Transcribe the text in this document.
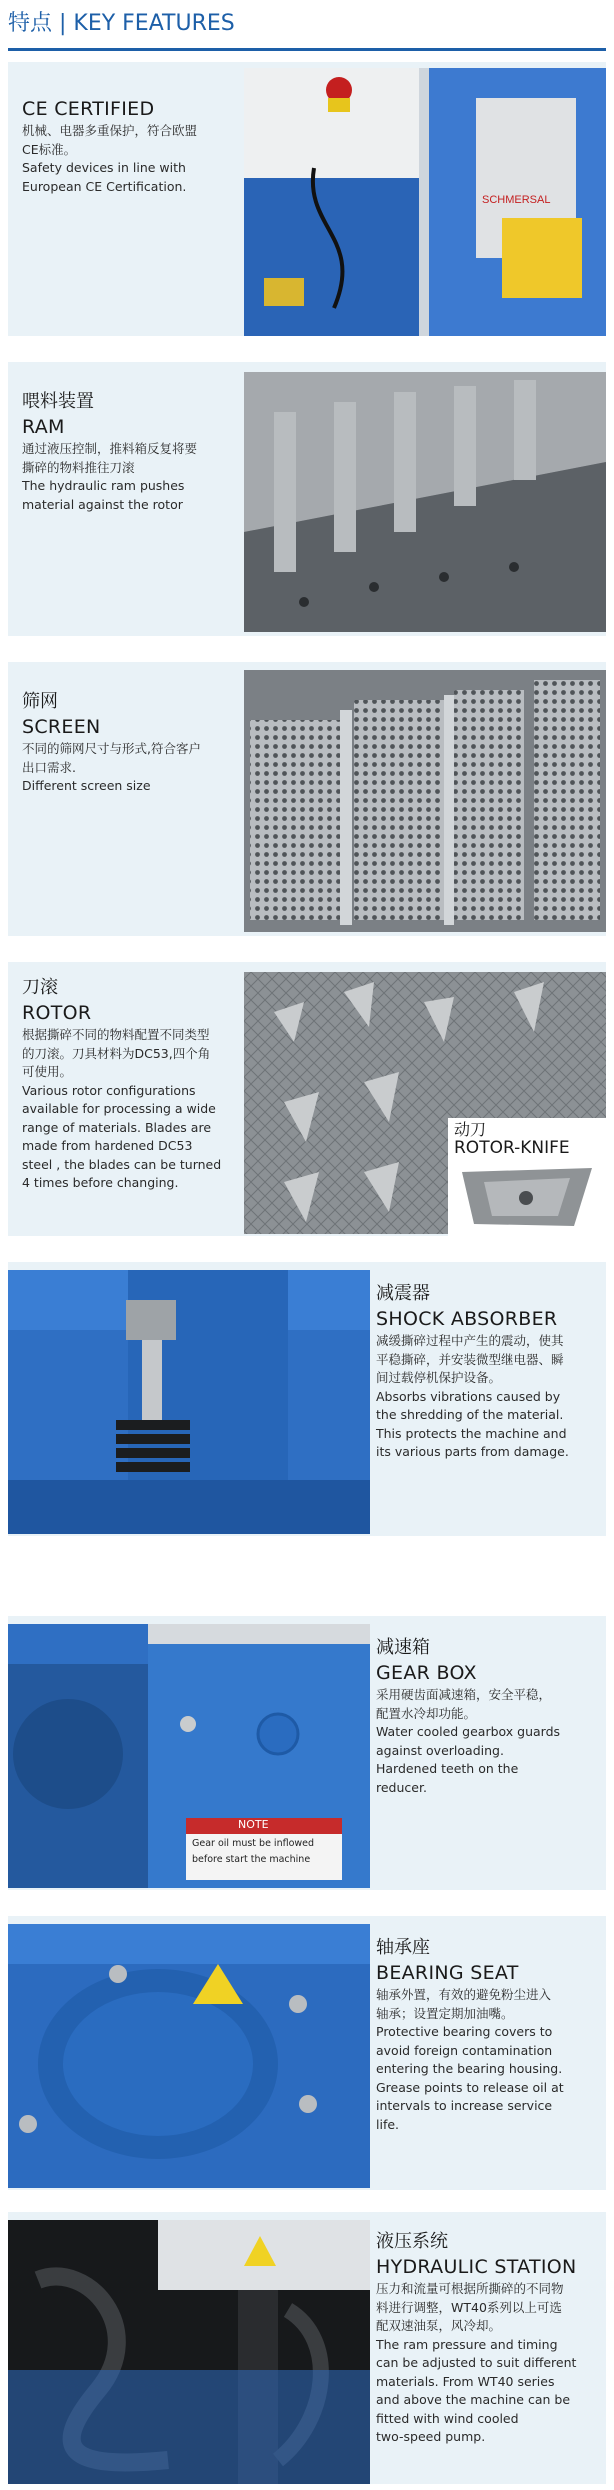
特点 | KEY FEATURES
CE CERTIFIED
机械、电器多重保护，符合欧盟
CE标准。
Safety devices in line with
European CE Certification.
SCHMERSAL
喂料装置
RAM
通过液压控制，推料箱反复将要
撕碎的物料推往刀滚
The hydraulic ram pushes
material against the rotor
筛网
SCREEN
不同的筛网尺寸与形式,符合客户
出口需求.
Different screen size
刀滚
ROTOR
根据撕碎不同的物料配置不同类型
的刀滚。刀具材料为DC53,四个角
可使用。
Various rotor configurations
available for processing a wide
range of materials. Blades are
made from hardened DC53
steel , the blades can be turned
4 times before changing.
动刀
ROTOR-KNIFE
减震器
SHOCK ABSORBER
减缓撕碎过程中产生的震动，使其
平稳撕碎，并安装微型继电器、瞬
间过载停机保护设备。
Absorbs vibrations caused by
the shredding of the material.
This protects the machine and
its various parts from damage.
NOTE
Gear oil must be inflowed
before start the machine
减速箱
GEAR BOX
采用硬齿面减速箱，安全平稳，
配置水冷却功能。
Water cooled gearbox guards
against overloading.
Hardened teeth on the
reducer.
轴承座
BEARING SEAT
轴承外置，有效的避免粉尘进入
轴承；设置定期加油嘴。
Protective bearing covers to
avoid foreign contamination
entering the bearing housing.
Grease points to release oil at
intervals to increase service
life.
液压系统
HYDRAULIC STATION
压力和流量可根据所撕碎的不同物
料进行调整，WT40系列以上可选
配双速油泵，风冷却。
The ram pressure and timing
can be adjusted to suit different
materials. From WT40 series
and above the machine can be
fitted with wind cooled
two-speed pump.
